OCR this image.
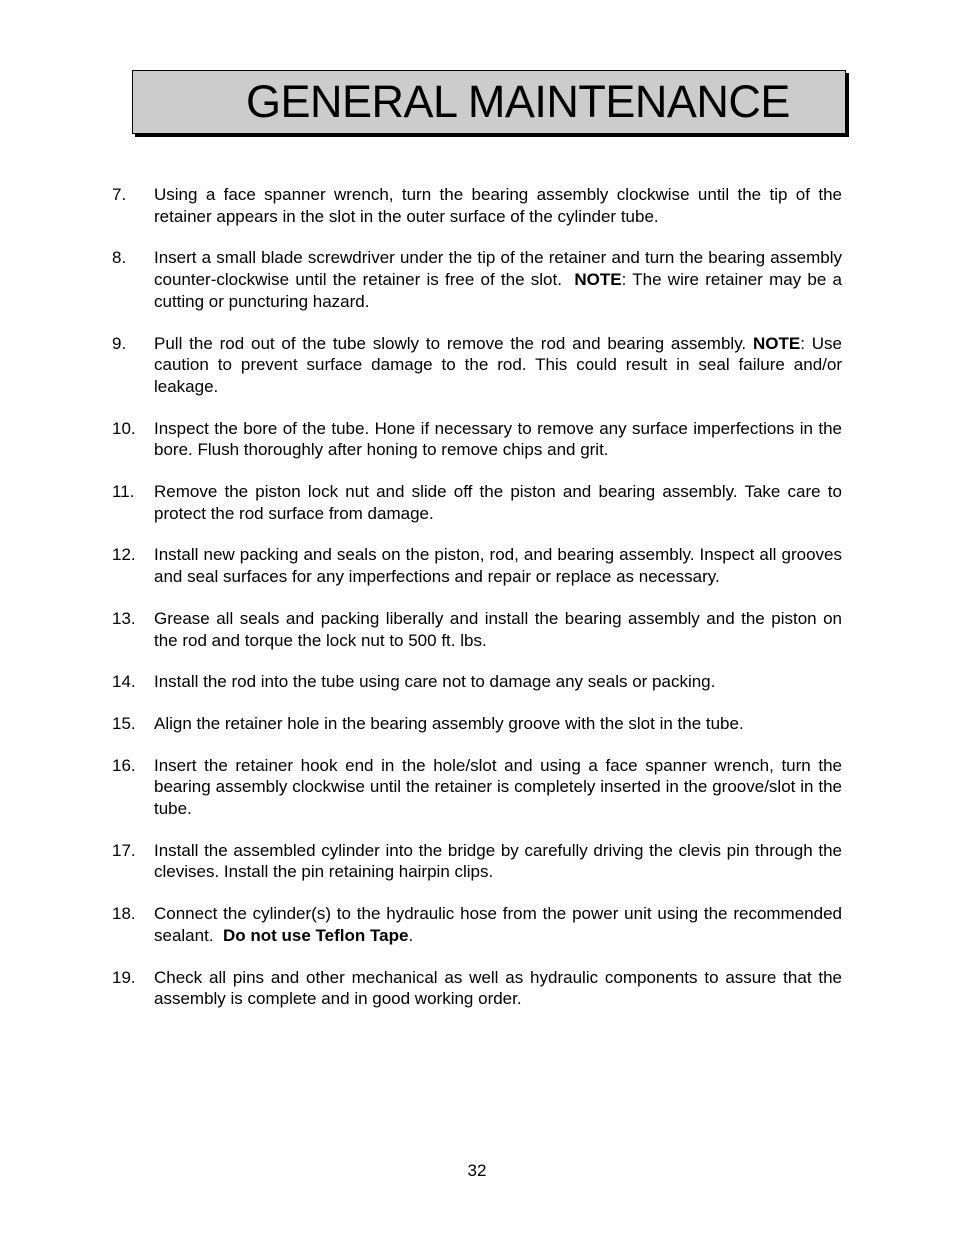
GENERAL MAINTENANCE
7. Using a face spanner wrench, turn the bearing assembly clockwise until the tip of the retainer appears in the slot in the outer surface of the cylinder tube.
8. Insert a small blade screwdriver under the tip of the retainer and turn the bearing assembly counter-clockwise until the retainer is free of the slot. NOTE: The wire retainer may be a cutting or puncturing hazard.
9. Pull the rod out of the tube slowly to remove the rod and bearing assembly. NOTE: Use caution to prevent surface damage to the rod. This could result in seal failure and/or leakage.
10. Inspect the bore of the tube. Hone if necessary to remove any surface imperfections in the bore. Flush thoroughly after honing to remove chips and grit.
11. Remove the piston lock nut and slide off the piston and bearing assembly. Take care to protect the rod surface from damage.
12. Install new packing and seals on the piston, rod, and bearing assembly. Inspect all grooves and seal surfaces for any imperfections and repair or replace as necessary.
13. Grease all seals and packing liberally and install the bearing assembly and the piston on the rod and torque the lock nut to 500 ft. lbs.
14. Install the rod into the tube using care not to damage any seals or packing.
15. Align the retainer hole in the bearing assembly groove with the slot in the tube.
16. Insert the retainer hook end in the hole/slot and using a face spanner wrench, turn the bearing assembly clockwise until the retainer is completely inserted in the groove/slot in the tube.
17. Install the assembled cylinder into the bridge by carefully driving the clevis pin through the clevises. Install the pin retaining hairpin clips.
18. Connect the cylinder(s) to the hydraulic hose from the power unit using the recommended sealant. Do not use Teflon Tape.
19. Check all pins and other mechanical as well as hydraulic components to assure that the assembly is complete and in good working order.
32
